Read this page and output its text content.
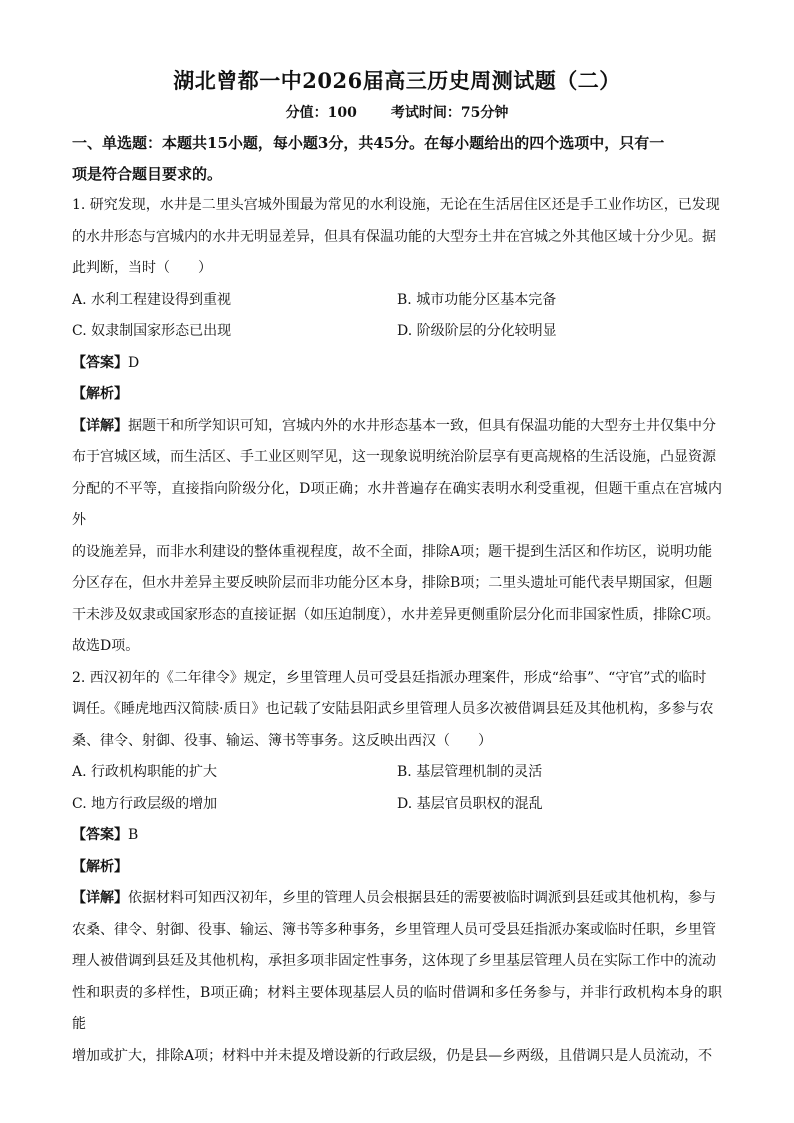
湖北曾都一中2026届高三历史周测试题（二）
分值：100 考试时间：75分钟
一、单选题：本题共15小题，每小题3分，共45分。在每小题给出的四个选项中，只有一
项是符合题目要求的。

1. 研究发现，水井是二里头宫城外围最为常见的水利设施，无论在生活居住区还是手工业作坊区，已发现

的水井形态与宫城内的水井无明显差异，但具有保温功能的大型夯土井在宫城之外其他区域十分少见。据

此判断，当时（　　）

A. 水利工程建设得到重视	B. 城市功能分区基本完备
C. 奴隶制国家形态已出现	D. 阶级阶层的分化较明显
【答案】D
【解析】

【详解】据题干和所学知识可知，宫城内外的水井形态基本一致，但具有保温功能的大型夯土井仅集中分

布于宫城区域，而生活区、手工业区则罕见，这一现象说明统治阶层享有更高规格的生活设施，凸显资源

分配的不平等，直接指向阶级分化，D项正确；水井普遍存在确实表明水利受重视，但题干重点在宫城内外

的设施差异，而非水利建设的整体重视程度，故不全面，排除A项；题干提到生活区和作坊区，说明功能

分区存在，但水井差异主要反映阶层而非功能分区本身，排除B项；二里头遗址可能代表早期国家，但题

干未涉及奴隶或国家形态的直接证据（如压迫制度），水井差异更侧重阶层分化而非国家性质，排除C项。

故选D项。

2. 西汉初年的《二年律令》规定，乡里管理人员可受县廷指派办理案件，形成“给事”、“守官”式的临时

调任。《睡虎地西汉简牍·质日》也记载了安陆县阳武乡里管理人员多次被借调县廷及其他机构，多参与农

桑、律令、射御、役事、输运、簿书等事务。这反映出西汉（　　）

A. 行政机构职能的扩大	B. 基层管理机制的灵活
C. 地方行政层级的增加	D. 基层官员职权的混乱
【答案】B
【解析】

【详解】依据材料可知西汉初年，乡里的管理人员会根据县廷的需要被临时调派到县廷或其他机构，参与

农桑、律令、射御、役事、输运、簿书等多种事务，乡里管理人员可受县廷指派办案或临时任职，乡里管

理人被借调到县廷及其他机构，承担多项非固定性事务，这体现了乡里基层管理人员在实际工作中的流动

性和职责的多样性，B项正确；材料主要体现基层人员的临时借调和多任务参与，并非行政机构本身的职能

增加或扩大，排除A项；材料中并未提及增设新的行政层级，仍是县—乡两级，且借调只是人员流动，不
